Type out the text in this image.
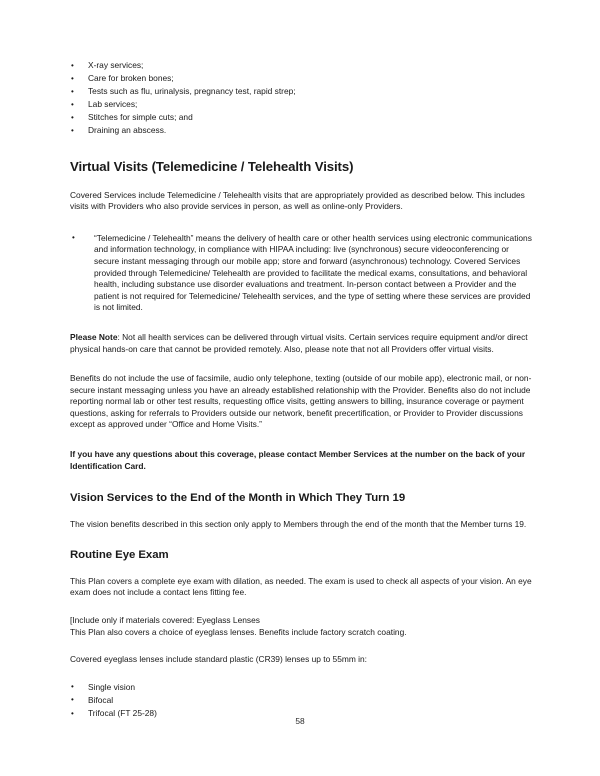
• X-ray services;
• Care for broken bones;
• Tests such as flu, urinalysis, pregnancy test, rapid strep;
• Lab services;
• Stitches for simple cuts; and
• Draining an abscess.
Virtual Visits (Telemedicine / Telehealth Visits)

Covered Services include Telemedicine / Telehealth visits that are appropriately provided as described below. This includes visits with Providers who also provide services in person, as well as online-only Providers.

• “Telemedicine / Telehealth” means the delivery of health care or other health services using electronic communications and information technology, in compliance with HIPAA including: live (synchronous) secure videoconferencing or secure instant messaging through our mobile app; store and forward (asynchronous) technology. Covered Services provided through Telemedicine/ Telehealth are provided to facilitate the medical exams, consultations, and behavioral health, including substance use disorder evaluations and treatment. In-person contact between a Provider and the patient is not required for Telemedicine/ Telehealth services, and the type of setting where these services are provided is not limited.

Please Note: Not all health services can be delivered through virtual visits. Certain services require equipment and/or direct physical hands-on care that cannot be provided remotely. Also, please note that not all Providers offer virtual visits.

Benefits do not include the use of facsimile, audio only telephone, texting (outside of our mobile app), electronic mail, or non-secure instant messaging unless you have an already established relationship with the Provider. Benefits also do not include reporting normal lab or other test results, requesting office visits, getting answers to billing, insurance coverage or payment questions, asking for referrals to Providers outside our network, benefit precertification, or Provider to Provider discussions except as approved under “Office and Home Visits.”

If you have any questions about this coverage, please contact Member Services at the number on the back of your Identification Card.

Vision Services to the End of the Month in Which They Turn 19

The vision benefits described in this section only apply to Members through the end of the month that the Member turns 19.

Routine Eye Exam

This Plan covers a complete eye exam with dilation, as needed. The exam is used to check all aspects of your vision. An eye exam does not include a contact lens fitting fee.

[Include only if materials covered: Eyeglass Lenses

This Plan also covers a choice of eyeglass lenses. Benefits include factory scratch coating.

Covered eyeglass lenses include standard plastic (CR39) lenses up to 55mm in:

• Single vision
• Bifocal
• Trifocal (FT 25-28)
58
